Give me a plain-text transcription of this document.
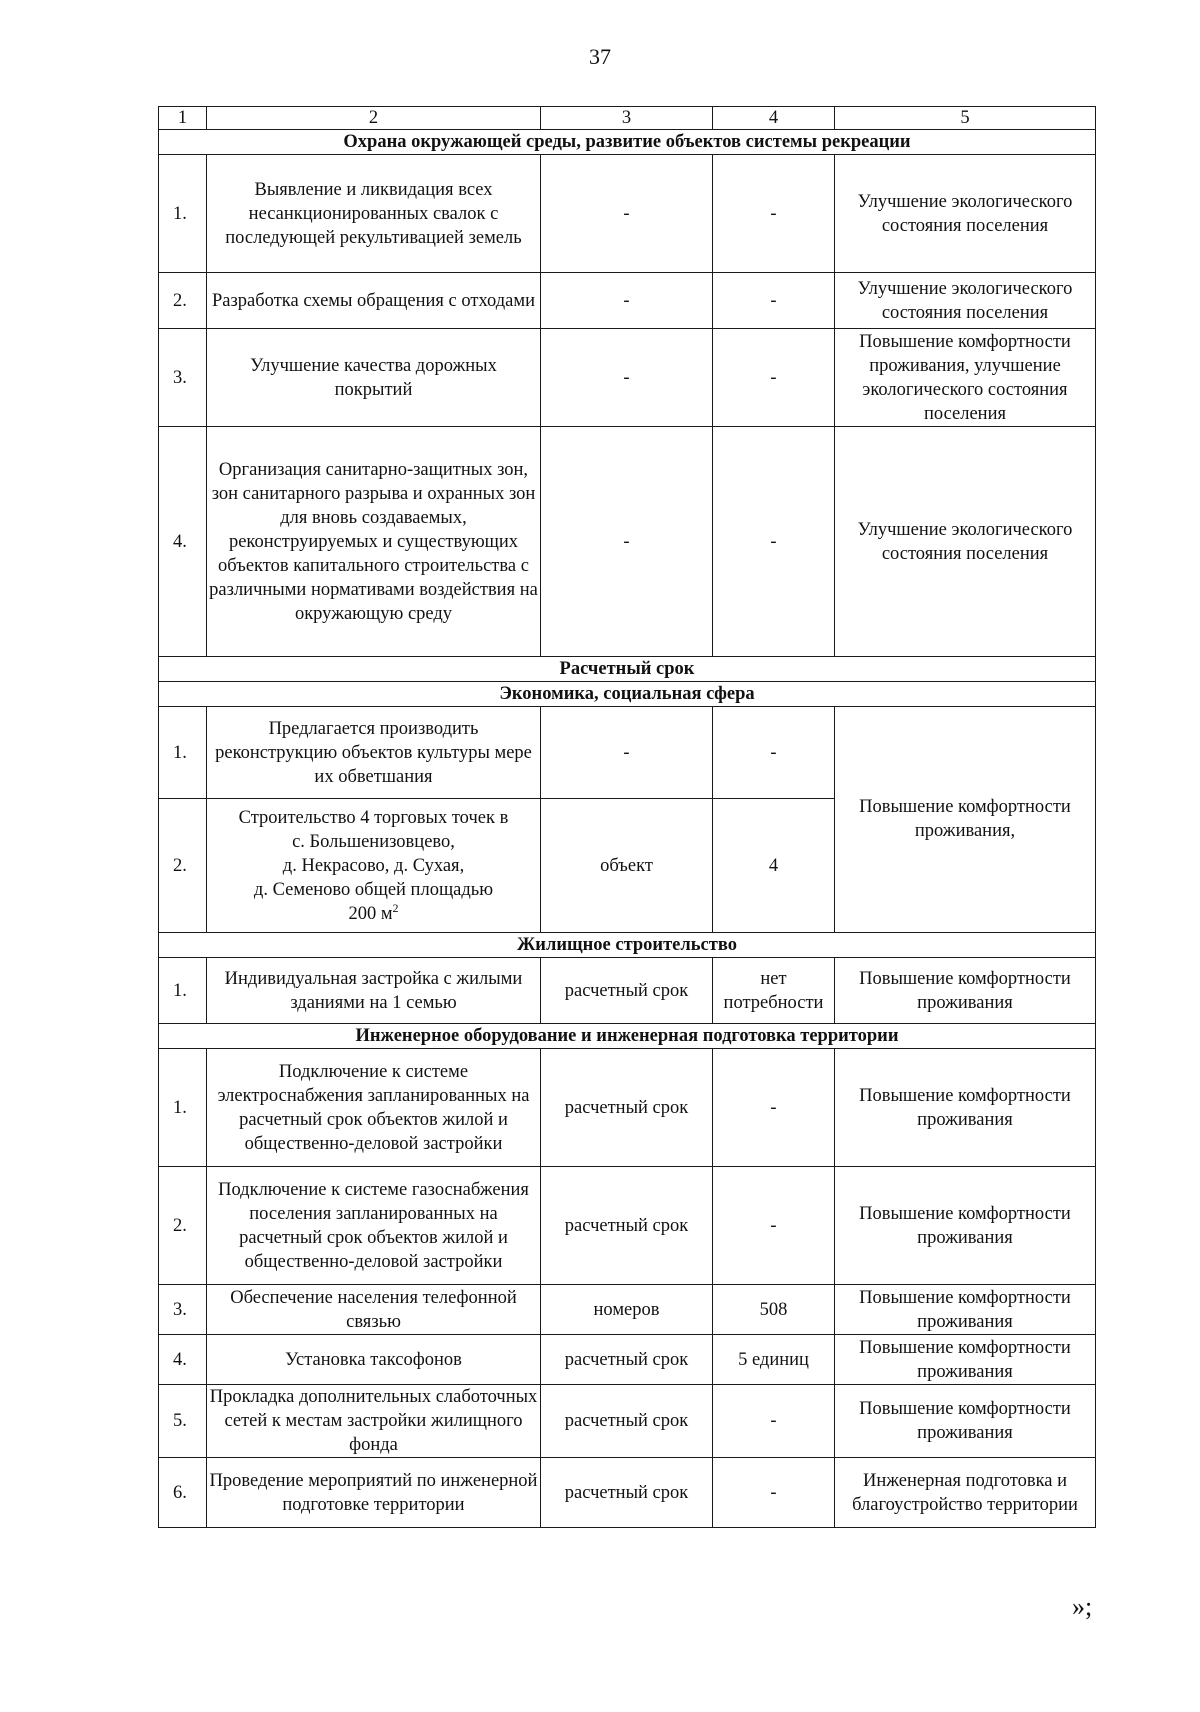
37
1	2	3	4	5
Охрана окружающей среды, развитие объектов системы рекреации				
1.	Выявление и ликвидация всех несанкционированных свалок с последующей рекультивацией земель	-	-	Улучшение экологического состояния поселения
2.	Разработка схемы обращения с отходами	-	-	Улучшение экологического состояния поселения
3.	Улучшение качества дорожных покрытий	-	-	Повышение комфортности проживания, улучшение экологического состояния поселения
4.	Организация санитарно-защитных зон, зон санитарного разрыва и охранных зон для вновь создаваемых, реконструируемых и существующих объектов капитального строительства с различными нормативами воздействия на окружающую среду	-	-	Улучшение экологического состояния поселения
Расчетный срок				
Экономика, социальная сфера				
1.	Предлагается производить реконструкцию объектов культуры мере их обветшания	-	-	Повышение комфортности проживания,
2.	Строительство 4 торговых точек в
с. Большенизовцево,
д. Некрасово, д. Сухая,
д. Семеново общей площадью
200 $м^2$	объект	4	
Жилищное строительство				
1.	Индивидуальная застройка с жилыми зданиями на 1 семью	расчетный срок	нет потребности	Повышение комфортности проживания
Инженерное оборудование и инженерная подготовка территории				
1.	Подключение к системе электроснабжения запланированных на расчетный срок объектов жилой и общественно-деловой застройки	расчетный срок	-	Повышение комфортности проживания
2.	Подключение к системе газоснабжения поселения запланированных на расчетный срок объектов жилой и общественно-деловой застройки	расчетный срок	-	Повышение комфортности проживания
3.	Обеспечение населения телефонной связью	номеров	508	Повышение комфортности проживания
4.	Установка таксофонов	расчетный срок	5 единиц	Повышение комфортности проживания
5.	Прокладка дополнительных слаботочных сетей к местам застройки жилищного фонда	расчетный срок	-	Повышение комфортности проживания
6.	Проведение мероприятий по инженерной подготовке территории	расчетный срок	-	Инженерная подготовка и благоустройство территории
»;
